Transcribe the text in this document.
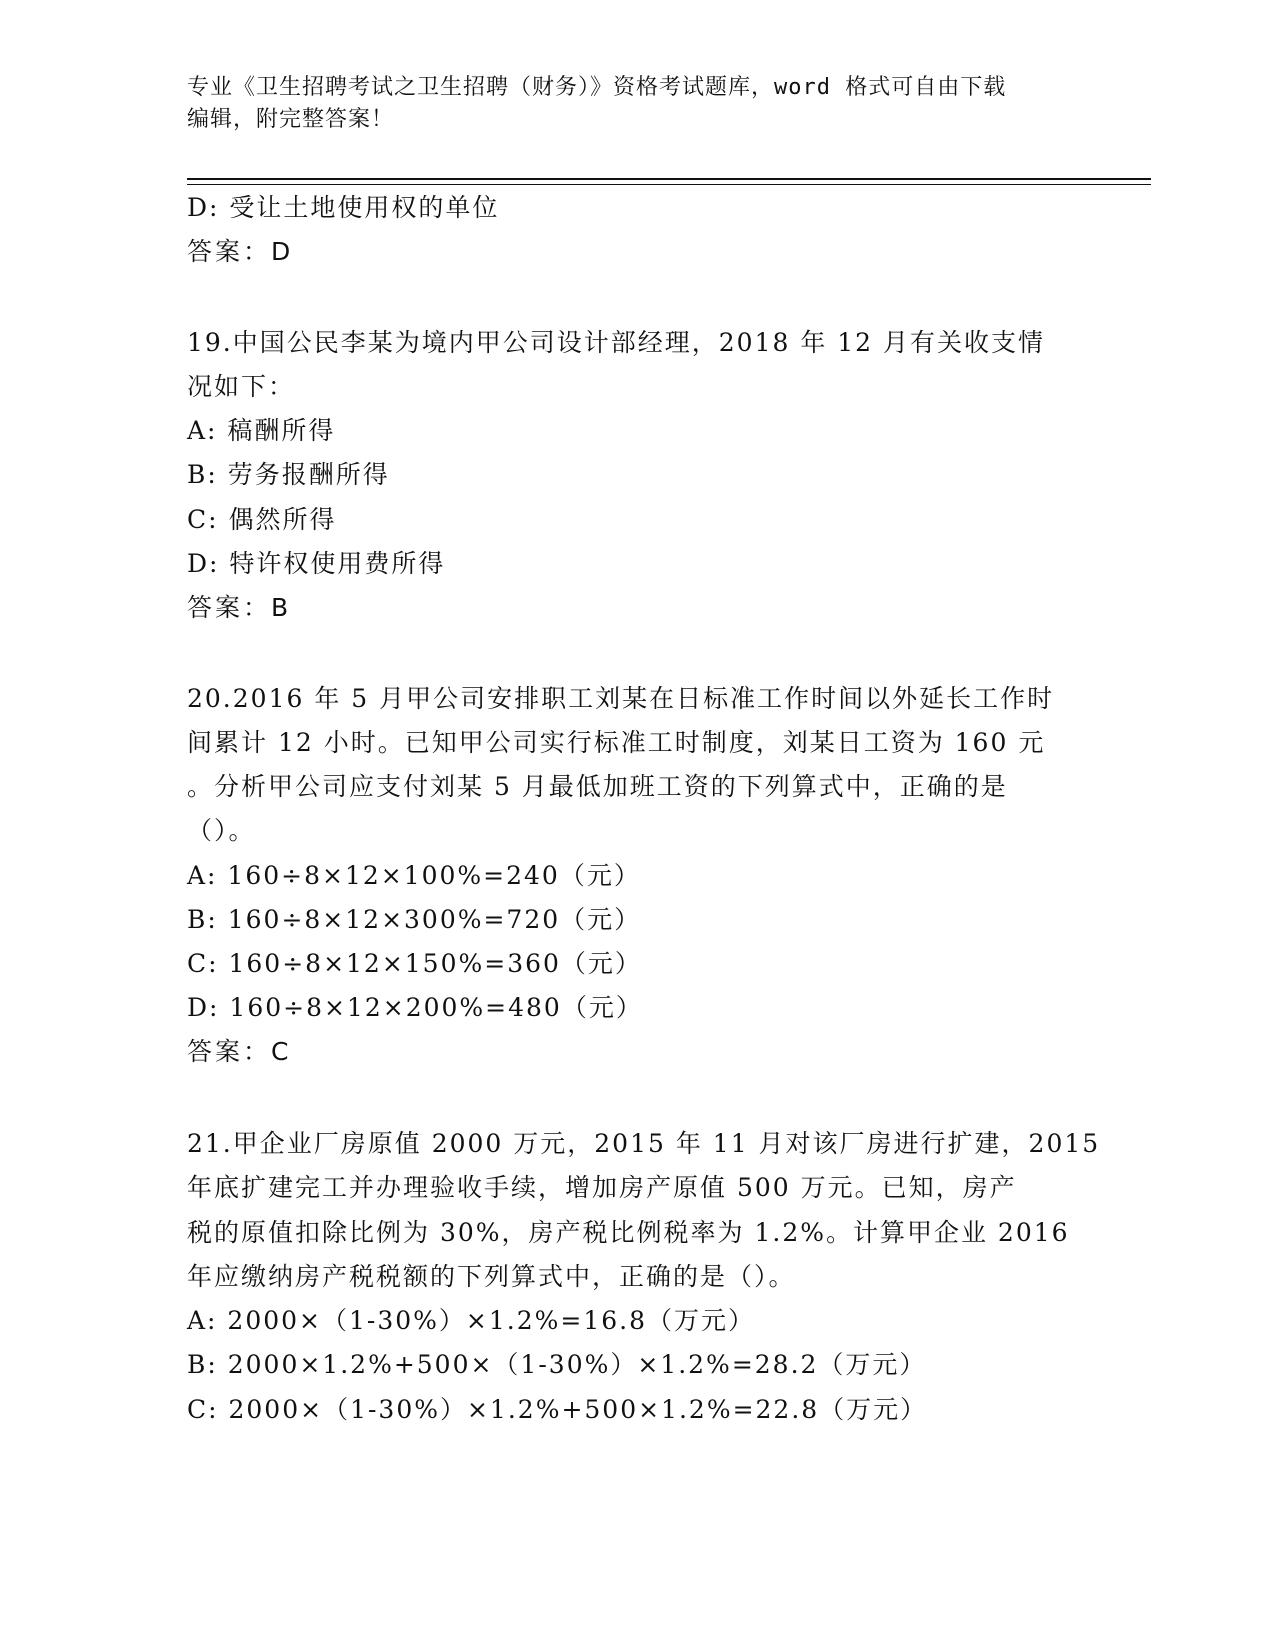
专业《卫生招聘考试之卫生招聘（财务）》资格考试题库，word 格式可自由下载
编辑，附完整答案！
D: 受让土地使用权的单位
答案：D
19.中国公民李某为境内甲公司设计部经理，2018 年 12 月有关收支情
况如下：
A: 稿酬所得
B: 劳务报酬所得
C: 偶然所得
D: 特许权使用费所得
答案：B
20.2016 年 5 月甲公司安排职工刘某在日标准工作时间以外延长工作时
间累计 12 小时。已知甲公司实行标准工时制度，刘某日工资为 160 元
。分析甲公司应支付刘某 5 月最低加班工资的下列算式中，正确的是
（）。
A: 160÷8×12×100%=240（元）
B: 160÷8×12×300%=720（元）
C: 160÷8×12×150%=360（元）
D: 160÷8×12×200%=480（元）
答案：C
21.甲企业厂房原值 2000 万元，2015 年 11 月对该厂房进行扩建，2015
年底扩建完工并办理验收手续，增加房产原值 500 万元。已知，房产
税的原值扣除比例为 30%，房产税比例税率为 1.2%。计算甲企业 2016
年应缴纳房产税税额的下列算式中，正确的是（）。
A: 2000×（1-30%）×1.2%=16.8（万元）
B: 2000×1.2%+500×（1-30%）×1.2%=28.2（万元）
C: 2000×（1-30%）×1.2%+500×1.2%=22.8（万元）
